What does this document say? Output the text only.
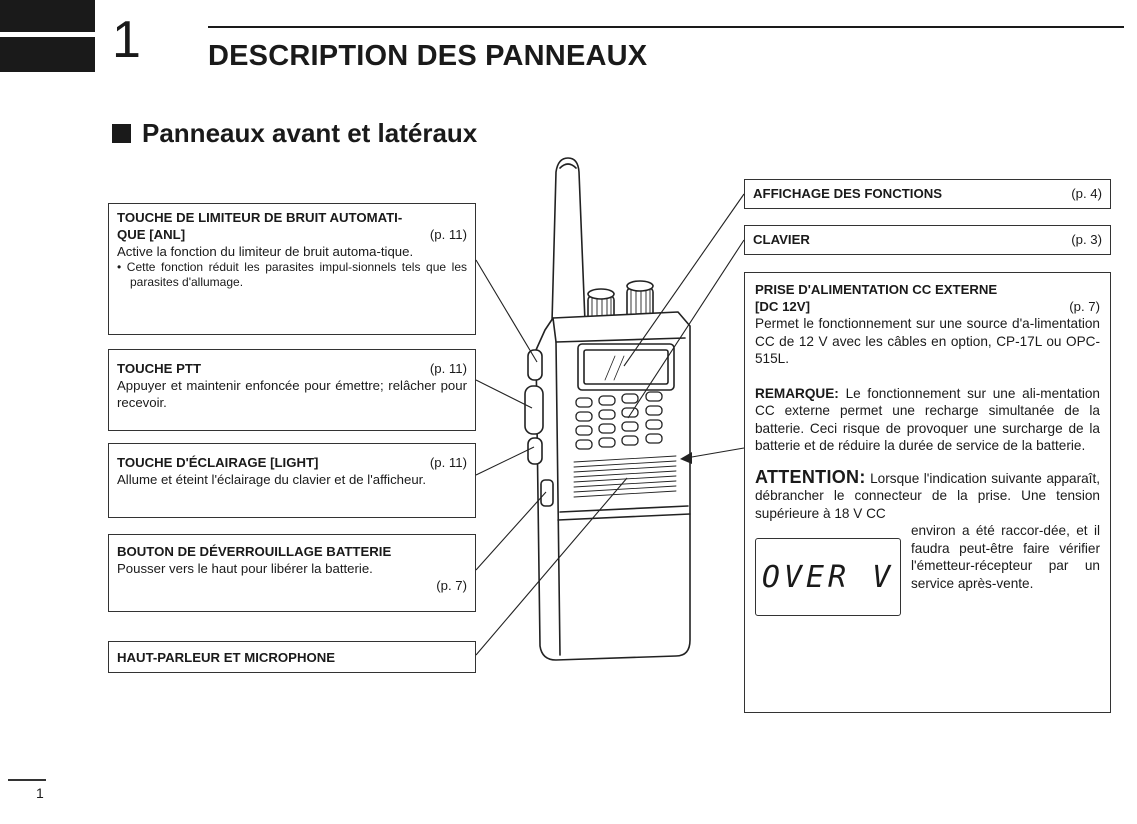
1 DESCRIPTION DES PANNEAUX
Panneaux avant et latéraux
TOUCHE DE LIMITEUR DE BRUIT AUTOMATI-
QUE [ANL]	(p. 11)
Active la fonction du limiteur de bruit automa-tique.
• Cette fonction réduit les parasites impul-sionnels tels que les parasites d'allumage.
TOUCHE PTT	(p. 11)
Appuyer et maintenir enfoncée pour émettre; relâcher pour recevoir.
TOUCHE D'ÉCLAIRAGE [LIGHT]	(p. 11)
Allume et éteint l'éclairage du clavier et de l'afficheur.
BOUTON DE DÉVERROUILLAGE BATTERIE
Pousser vers le haut pour libérer la batterie.
(p. 7)
HAUT-PARLEUR ET MICROPHONE
AFFICHAGE DES FONCTIONS	(p. 4)
CLAVIER	(p. 3)
PRISE D'ALIMENTATION CC EXTERNE
[DC 12V]	(p. 7)
Permet le fonctionnement sur une source d'a-limentation CC de 12 V avec les câbles en option, CP-17L ou OPC-515L.
REMARQUE: Le fonctionnement sur une ali-mentation CC externe permet une recharge simultanée de la batterie. Ceci risque de provoquer une surcharge de la batterie et de réduire la durée de service de la batterie.
ATTENTION: Lorsque l'indication suivante apparaît, débrancher le connecteur de la prise. Une tension supérieure à 18 V CC
OVER V
environ a été raccor-dée, et il faudra peut-être faire vérifier l'émetteur-récepteur par un service après-vente.
1
